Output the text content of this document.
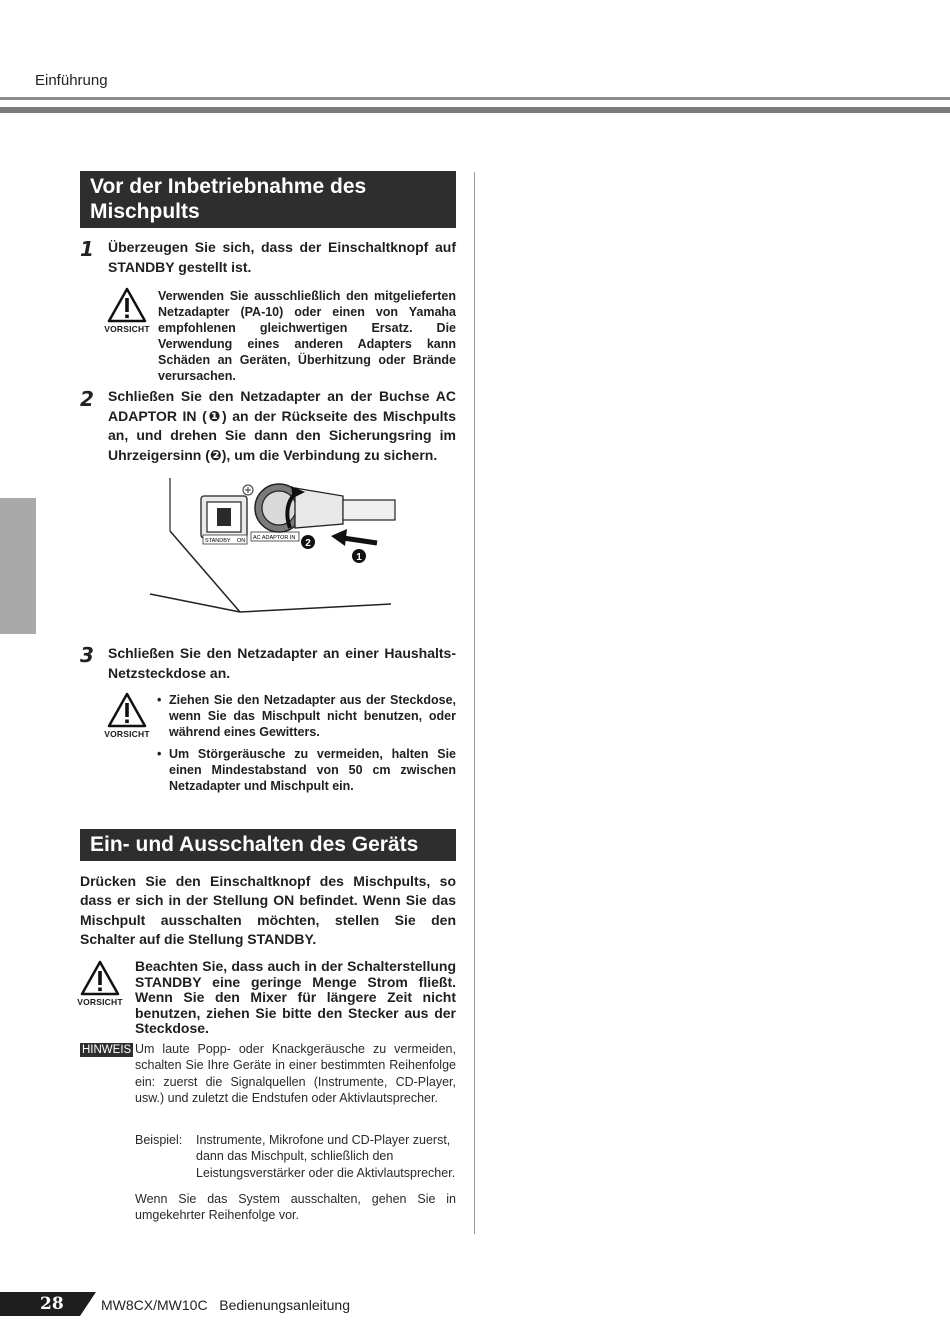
Einführung
Vor der Inbetriebnahme des Mischpults
1 Überzeugen Sie sich, dass der Einschaltknopf auf STANDBY gestellt ist.
VORSICHT
Verwenden Sie ausschließlich den mitgelieferten Netzadapter (PA-10) oder einen von Yamaha empfohlenen gleichwertigen Ersatz. Die Verwendung eines anderen Adapters kann Schäden an Geräten, Überhitzung oder Brände verursachen.
2 Schließen Sie den Netzadapter an der Buchse AC ADAPTOR IN (❶) an der Rückseite des Mischpults an, und drehen Sie dann den Sicherungsring im Uhrzeigersinn (❷), um die Verbindung zu sichern.
STANDBY ON AC ADAPTOR IN 2
1
3 Schließen Sie den Netzadapter an einer Haushalts-Netzsteckdose an.
VORSICHT
• Ziehen Sie den Netzadapter aus der Steckdose, wenn Sie das Mischpult nicht benutzen, oder während eines Gewitters.
• Um Störgeräusche zu vermeiden, halten Sie einen Mindestabstand von 50 cm zwischen Netzadapter und Mischpult ein.
Ein- und Ausschalten des Geräts
Drücken Sie den Einschaltknopf des Mischpults, so dass er sich in der Stellung ON befindet. Wenn Sie das Mischpult ausschalten möchten, stellen Sie den Schalter auf die Stellung STANDBY.
VORSICHT
Beachten Sie, dass auch in der Schalterstellung STANDBY eine geringe Menge Strom fließt. Wenn Sie den Mixer für längere Zeit nicht benutzen, ziehen Sie bitte den Stecker aus der Steckdose.
HINWEIS Um laute Popp- oder Knackgeräusche zu vermeiden, schalten Sie Ihre Geräte in einer bestimmten Reihenfolge ein: zuerst die Signalquellen (Instrumente, CD-Player, usw.) und zuletzt die Endstufen oder Aktivlautsprecher.
Beispiel: Instrumente, Mikrofone und CD-Player zuerst, dann das Mischpult, schließlich den Leistungsverstärker oder die Aktivlautsprecher.
Wenn Sie das System ausschalten, gehen Sie in umgekehrter Reihenfolge vor.
28	MW8CX/MW10C   Bedienungsanleitung
